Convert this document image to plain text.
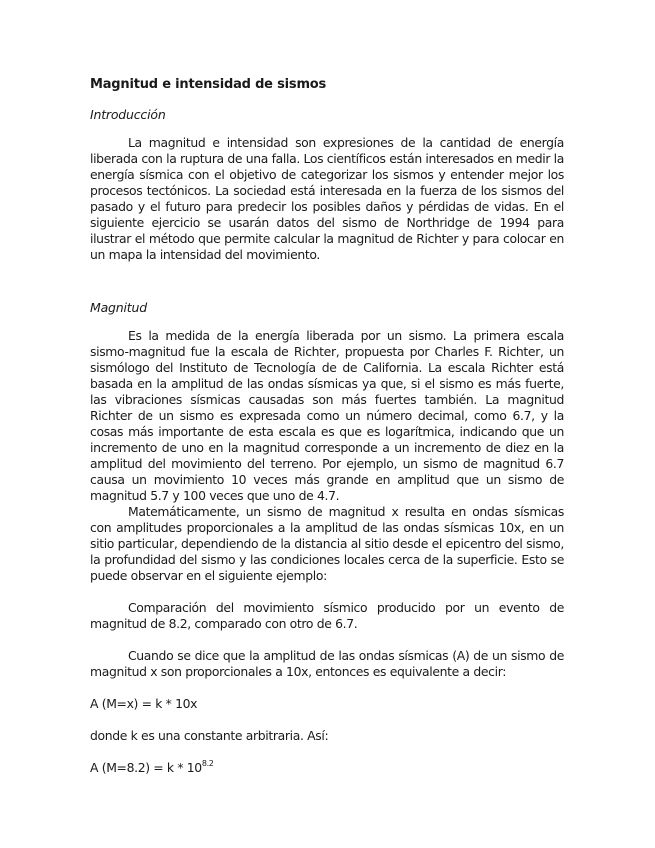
Magnitud e intensidad de sismos
Introducción

La magnitud e intensidad son expresiones de la cantidad de energía liberada con la ruptura de una falla. Los científicos están interesados en medir la energía sísmica con el objetivo de categorizar los sismos y entender mejor los procesos tectónicos. La sociedad está interesada en la fuerza de los sismos del pasado y el futuro para predecir los posibles daños y pérdidas de vidas. En el siguiente ejercicio se usarán datos del sismo de Northridge de 1994 para ilustrar el método que permite calcular la magnitud de Richter y para colocar en un mapa la intensidad del movimiento.

Magnitud

Es la medida de la energía liberada por un sismo. La primera escala sismo-magnitud fue la escala de Richter, propuesta por Charles F. Richter, un sismólogo del Instituto de Tecnología de de California. La escala Richter está basada en la amplitud de las ondas sísmicas ya que, si el sismo es más fuerte, las vibraciones sísmicas causadas son más fuertes también. La magnitud Richter de un sismo es expresada como un número decimal, como 6.7, y la cosas más importante de esta escala es que es logarítmica, indicando que un incremento de uno en la magnitud corresponde a un incremento de diez en la amplitud del movimiento del terreno. Por ejemplo, un sismo de magnitud 6.7 causa un movimiento 10 veces más grande en amplitud que un sismo de magnitud 5.7 y 100 veces que uno de 4.7.

Matemáticamente, un sismo de magnitud x resulta en ondas sísmicas con amplitudes proporcionales a la amplitud de las ondas sísmicas 10x, en un sitio particular, dependiendo de la distancia al sitio desde el epicentro del sismo, la profundidad del sismo y las condiciones locales cerca de la superficie. Esto se puede observar en el siguiente ejemplo:

Comparación del movimiento sísmico producido por un evento de magnitud de 8.2, comparado con otro de 6.7.

Cuando se dice que la amplitud de las ondas sísmicas (A) de un sismo de magnitud x son proporcionales a 10x, entonces es equivalente a decir:

A (M=x) = k * 10x

donde k es una constante arbitraria. Así:

A $(M=8.2) = k * 10^{8.2}$
